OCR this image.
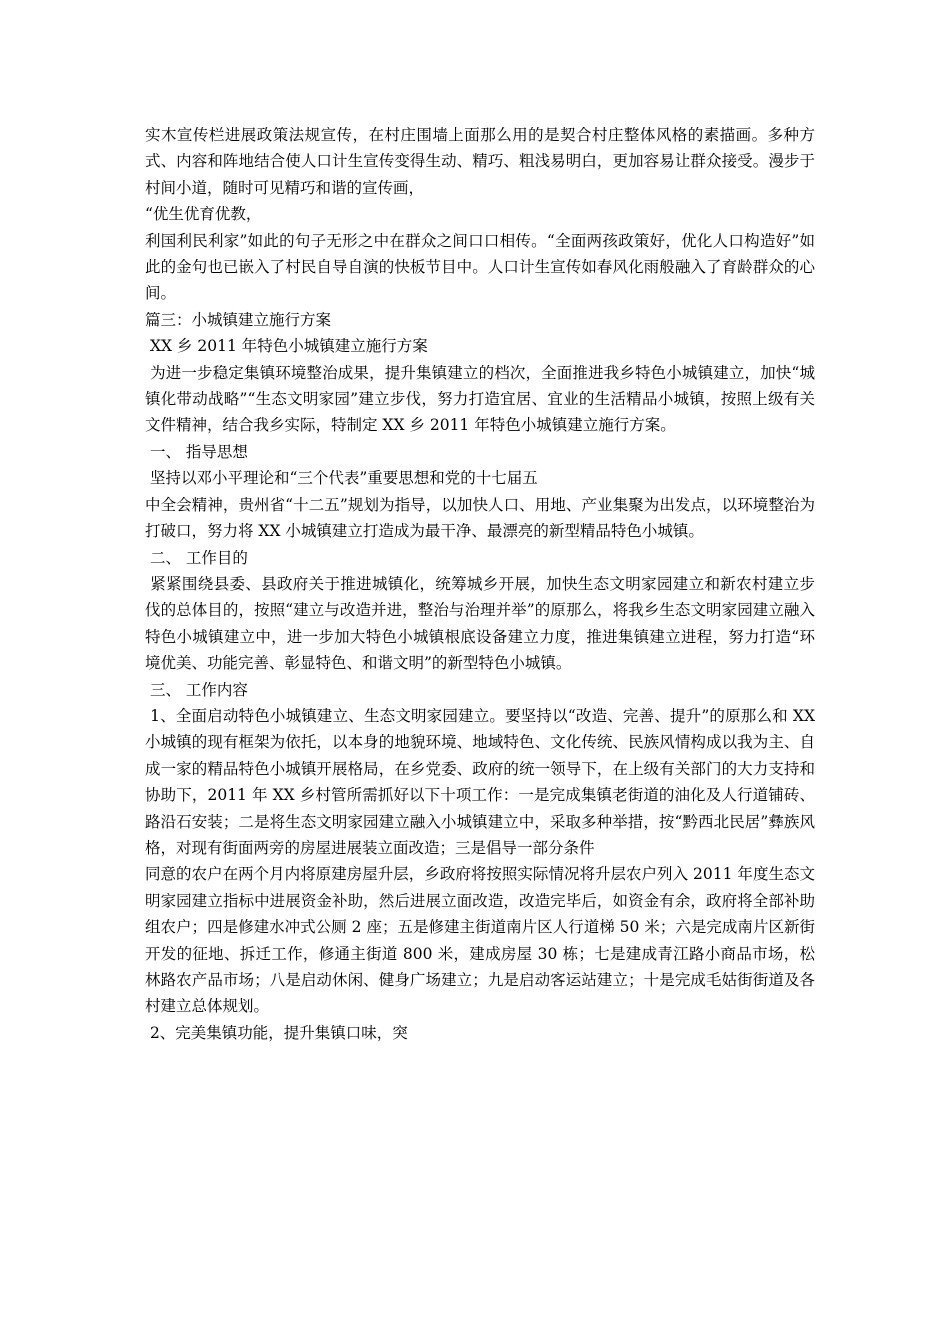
实木宣传栏进展政策法规宣传，在村庄围墙上面那么用的是契合村庄整体风格的素描画。多种方式、内容和阵地结合使人口计生宣传变得生动、精巧、粗浅易明白，更加容易让群众接受。漫步于村间小道，随时可见精巧和谐的宣传画，

“优生优育优教，

利国利民利家”如此的句子无形之中在群众之间口口相传。“全面两孩政策好，优化人口构造好”如此的金句也已嵌入了村民自导自演的快板节目中。人口计生宣传如春风化雨般融入了育龄群众的心间。

篇三：小城镇建立施行方案

XX 乡 2011 年特色小城镇建立施行方案

为进一步稳定集镇环境整治成果，提升集镇建立的档次，全面推进我乡特色小城镇建立，加快“城镇化带动战略”“生态文明家园”建立步伐，努力打造宜居、宜业的生活精品小城镇，按照上级有关文件精神，结合我乡实际，特制定 XX 乡 2011 年特色小城镇建立施行方案。

一、 指导思想

坚持以邓小平理论和“三个代表”重要思想和党的十七届五

中全会精神，贵州省“十二五”规划为指导，以加快人口、用地、产业集聚为出发点，以环境整治为打破口，努力将 XX 小城镇建立打造成为最干净、最漂亮的新型精品特色小城镇。

二、 工作目的

紧紧围绕县委、县政府关于推进城镇化，统筹城乡开展，加快生态文明家园建立和新农村建立步伐的总体目的，按照“建立与改造并进，整治与治理并举”的原那么，将我乡生态文明家园建立融入特色小城镇建立中，进一步加大特色小城镇根底设备建立力度，推进集镇建立进程，努力打造“环境优美、功能完善、彰显特色、和谐文明”的新型特色小城镇。

三、 工作内容

1、全面启动特色小城镇建立、生态文明家园建立。要坚持以“改造、完善、提升”的原那么和 XX 小城镇的现有框架为依托，以本身的地貌环境、地域特色、文化传统、民族风情构成以我为主、自成一家的精品特色小城镇开展格局，在乡党委、政府的统一领导下，在上级有关部门的大力支持和协助下，2011 年 XX 乡村管所需抓好以下十项工作：一是完成集镇老街道的油化及人行道铺砖、路沿石安装；二是将生态文明家园建立融入小城镇建立中，采取多种举措，按“黔西北民居”彝族风格，对现有街面两旁的房屋进展装立面改造；三是倡导一部分条件

同意的农户在两个月内将原建房屋升层，乡政府将按照实际情况将升层农户列入 2011 年度生态文明家园建立指标中进展资金补助，然后进展立面改造，改造完毕后，如资金有余，政府将全部补助组农户；四是修建水冲式公厕 2 座；五是修建主街道南片区人行道梯 50 米；六是完成南片区新街开发的征地、拆迁工作，修通主街道 800 米，建成房屋 30 栋；七是建成青江路小商品市场，松林路农产品市场；八是启动休闲、健身广场建立；九是启动客运站建立；十是完成毛姑街街道及各村建立总体规划。

2、完美集镇功能，提升集镇口味，突
